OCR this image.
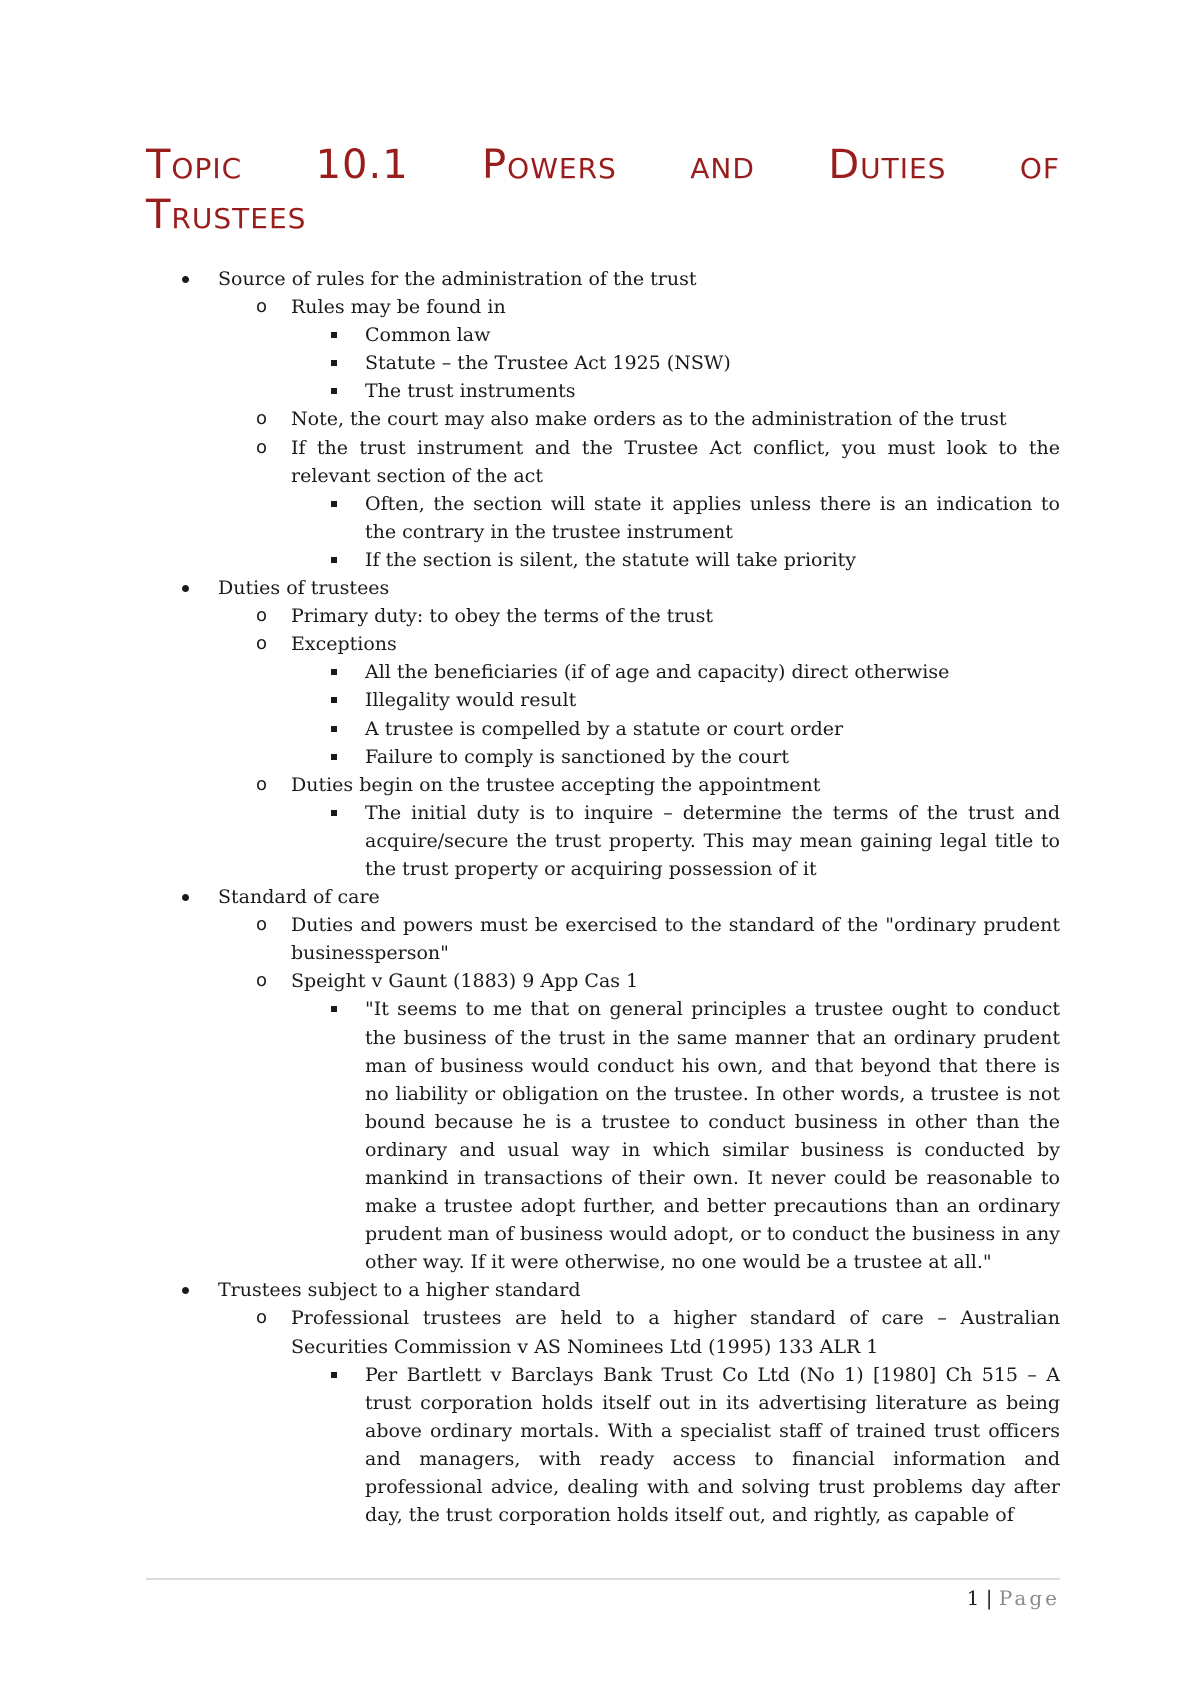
Topic 10.1 Powers and Duties of
Trustees
Source of rules for the administration of the trust
o Rules may be found in
Common law
Statute – the Trustee Act 1925 (NSW)
The trust instruments
o Note, the court may also make orders as to the administration of the trust
o If the trust instrument and the Trustee Act conflict, you must look to the relevant section of the act
Often, the section will state it applies unless there is an indication to the contrary in the trustee instrument
If the section is silent, the statute will take priority
Duties of trustees
o Primary duty: to obey the terms of the trust
o Exceptions
All the beneficiaries (if of age and capacity) direct otherwise
Illegality would result
A trustee is compelled by a statute or court order
Failure to comply is sanctioned by the court
o Duties begin on the trustee accepting the appointment
The initial duty is to inquire – determine the terms of the trust and acquire/secure the trust property. This may mean gaining legal title to the trust property or acquiring possession of it
Standard of care
o Duties and powers must be exercised to the standard of the "ordinary prudent businessperson"
o Speight v Gaunt (1883) 9 App Cas 1
"It seems to me that on general principles a trustee ought to conduct the business of the trust in the same manner that an ordinary prudent man of business would conduct his own, and that beyond that there is no liability or obligation on the trustee. In other words, a trustee is not bound because he is a trustee to conduct business in other than the ordinary and usual way in which similar business is conducted by mankind in transactions of their own. It never could be reasonable to make a trustee adopt further, and better precautions than an ordinary prudent man of business would adopt, or to conduct the business in any other way. If it were otherwise, no one would be a trustee at all."
Trustees subject to a higher standard
o Professional trustees are held to a higher standard of care – Australian Securities Commission v AS Nominees Ltd (1995) 133 ALR 1
Per Bartlett v Barclays Bank Trust Co Ltd (No 1) [1980] Ch 515 – A trust corporation holds itself out in its advertising literature as being above ordinary mortals. With a specialist staff of trained trust officers and managers, with ready access to financial information and professional advice, dealing with and solving trust problems day after day, the trust corporation holds itself out, and rightly, as capable of
1 | Page
